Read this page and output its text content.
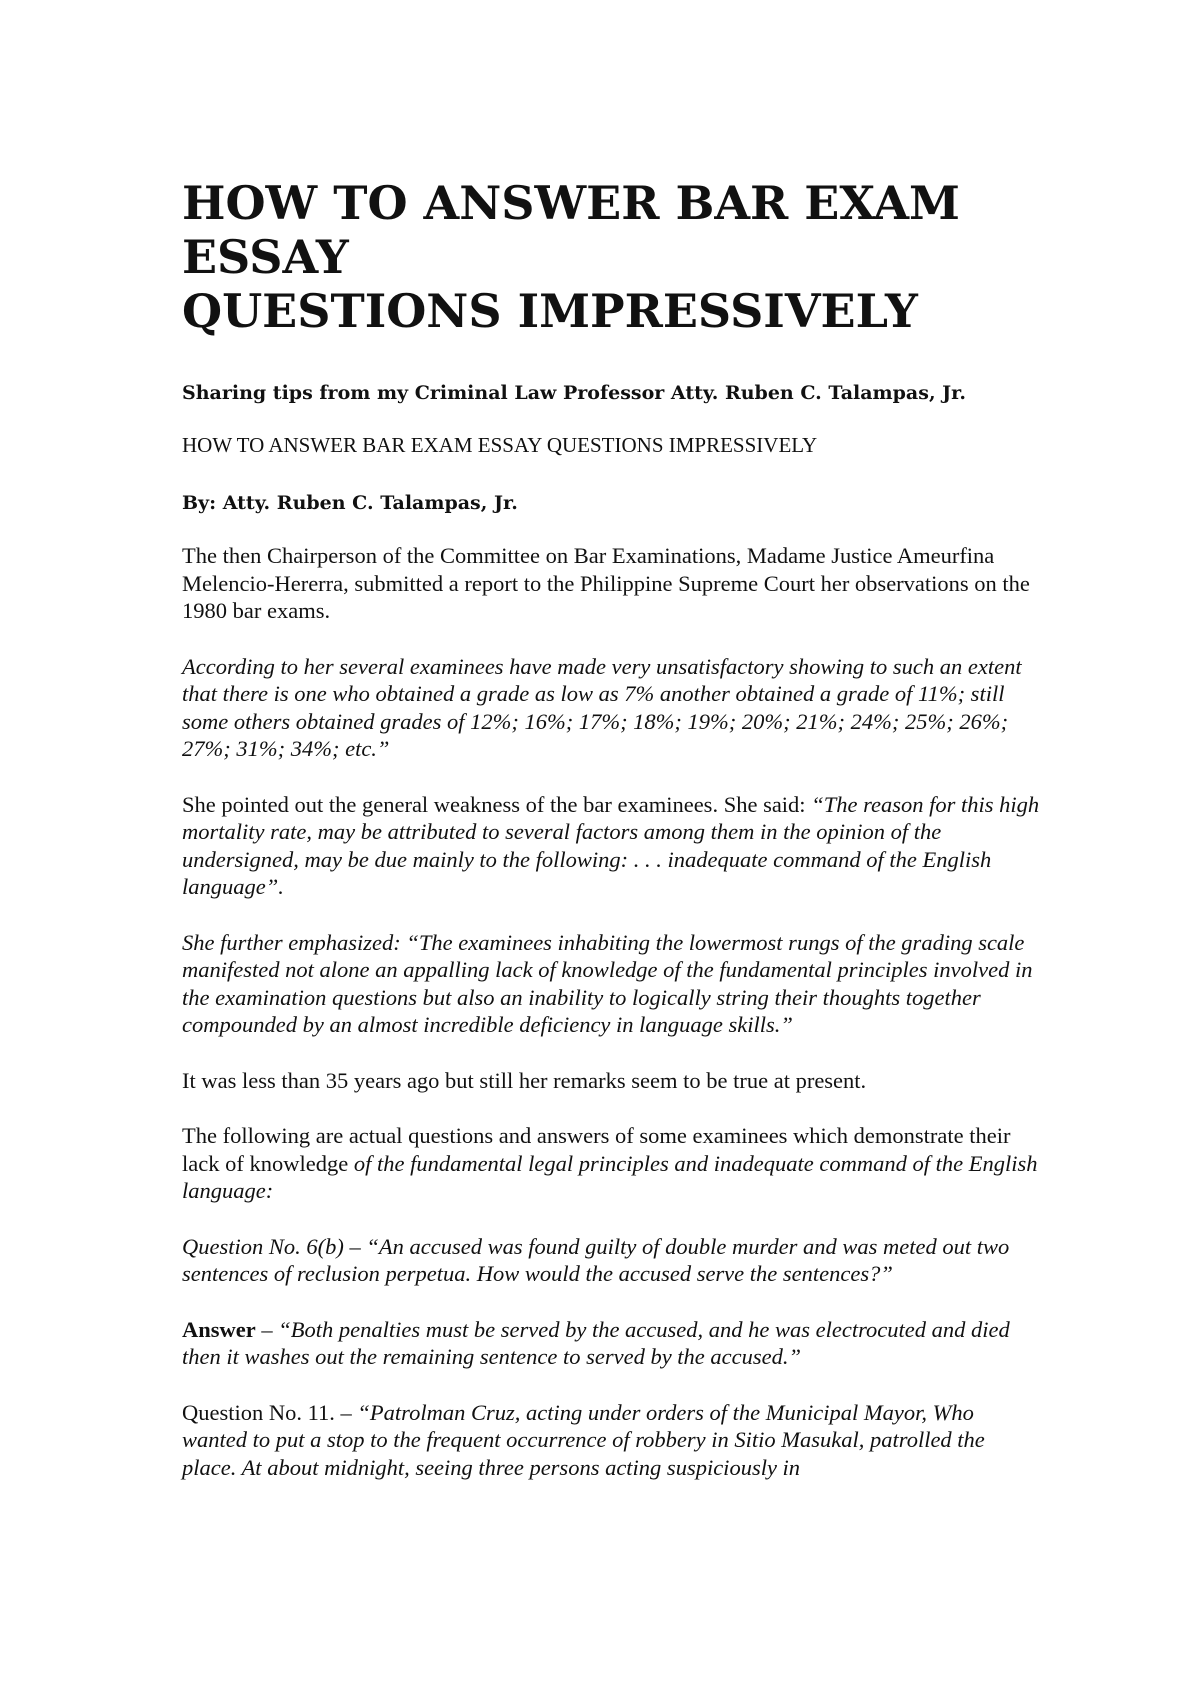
HOW TO ANSWER BAR EXAM
ESSAY
QUESTIONS IMPRESSIVELY

Sharing tips from my Criminal Law Professor Atty. Ruben C. Talampas, Jr.

HOW TO ANSWER BAR EXAM ESSAY QUESTIONS IMPRESSIVELY

By: Atty. Ruben C. Talampas, Jr.

The then Chairperson of the Committee on Bar Examinations, Madame Justice Ameurfina Melencio-Hererra, submitted a report to the Philippine Supreme Court her observations on the 1980 bar exams.

According to her several examinees have made very unsatisfactory showing to such an extent that there is one who obtained a grade as low as 7% another obtained a grade of 11%; still some others obtained grades of 12%; 16%; 17%; 18%; 19%; 20%; 21%; 24%; 25%; 26%; 27%; 31%; 34%; etc.”

She pointed out the general weakness of the bar examinees. She said: “The reason for this high mortality rate, may be attributed to several factors among them in the opinion of the undersigned, may be due mainly to the following: . . . inadequate command of the English language”.

She further emphasized: “The examinees inhabiting the lowermost rungs of the grading scale manifested not alone an appalling lack of knowledge of the fundamental principles involved in the examination questions but also an inability to logically string their thoughts together compounded by an almost incredible deficiency in language skills.”

It was less than 35 years ago but still her remarks seem to be true at present.

The following are actual questions and answers of some examinees which demonstrate their lack of knowledge of the fundamental legal principles and inadequate command of the English language:

Question No. 6(b) – “An accused was found guilty of double murder and was meted out two sentences of reclusion perpetua. How would the accused serve the sentences?”

Answer – “Both penalties must be served by the accused, and he was electrocuted and died then it washes out the remaining sentence to served by the accused.”

Question No. 11. – “Patrolman Cruz, acting under orders of the Municipal Mayor, Who wanted to put a stop to the frequent occurrence of robbery in Sitio Masukal, patrolled the place. At about midnight, seeing three persons acting suspiciously in
